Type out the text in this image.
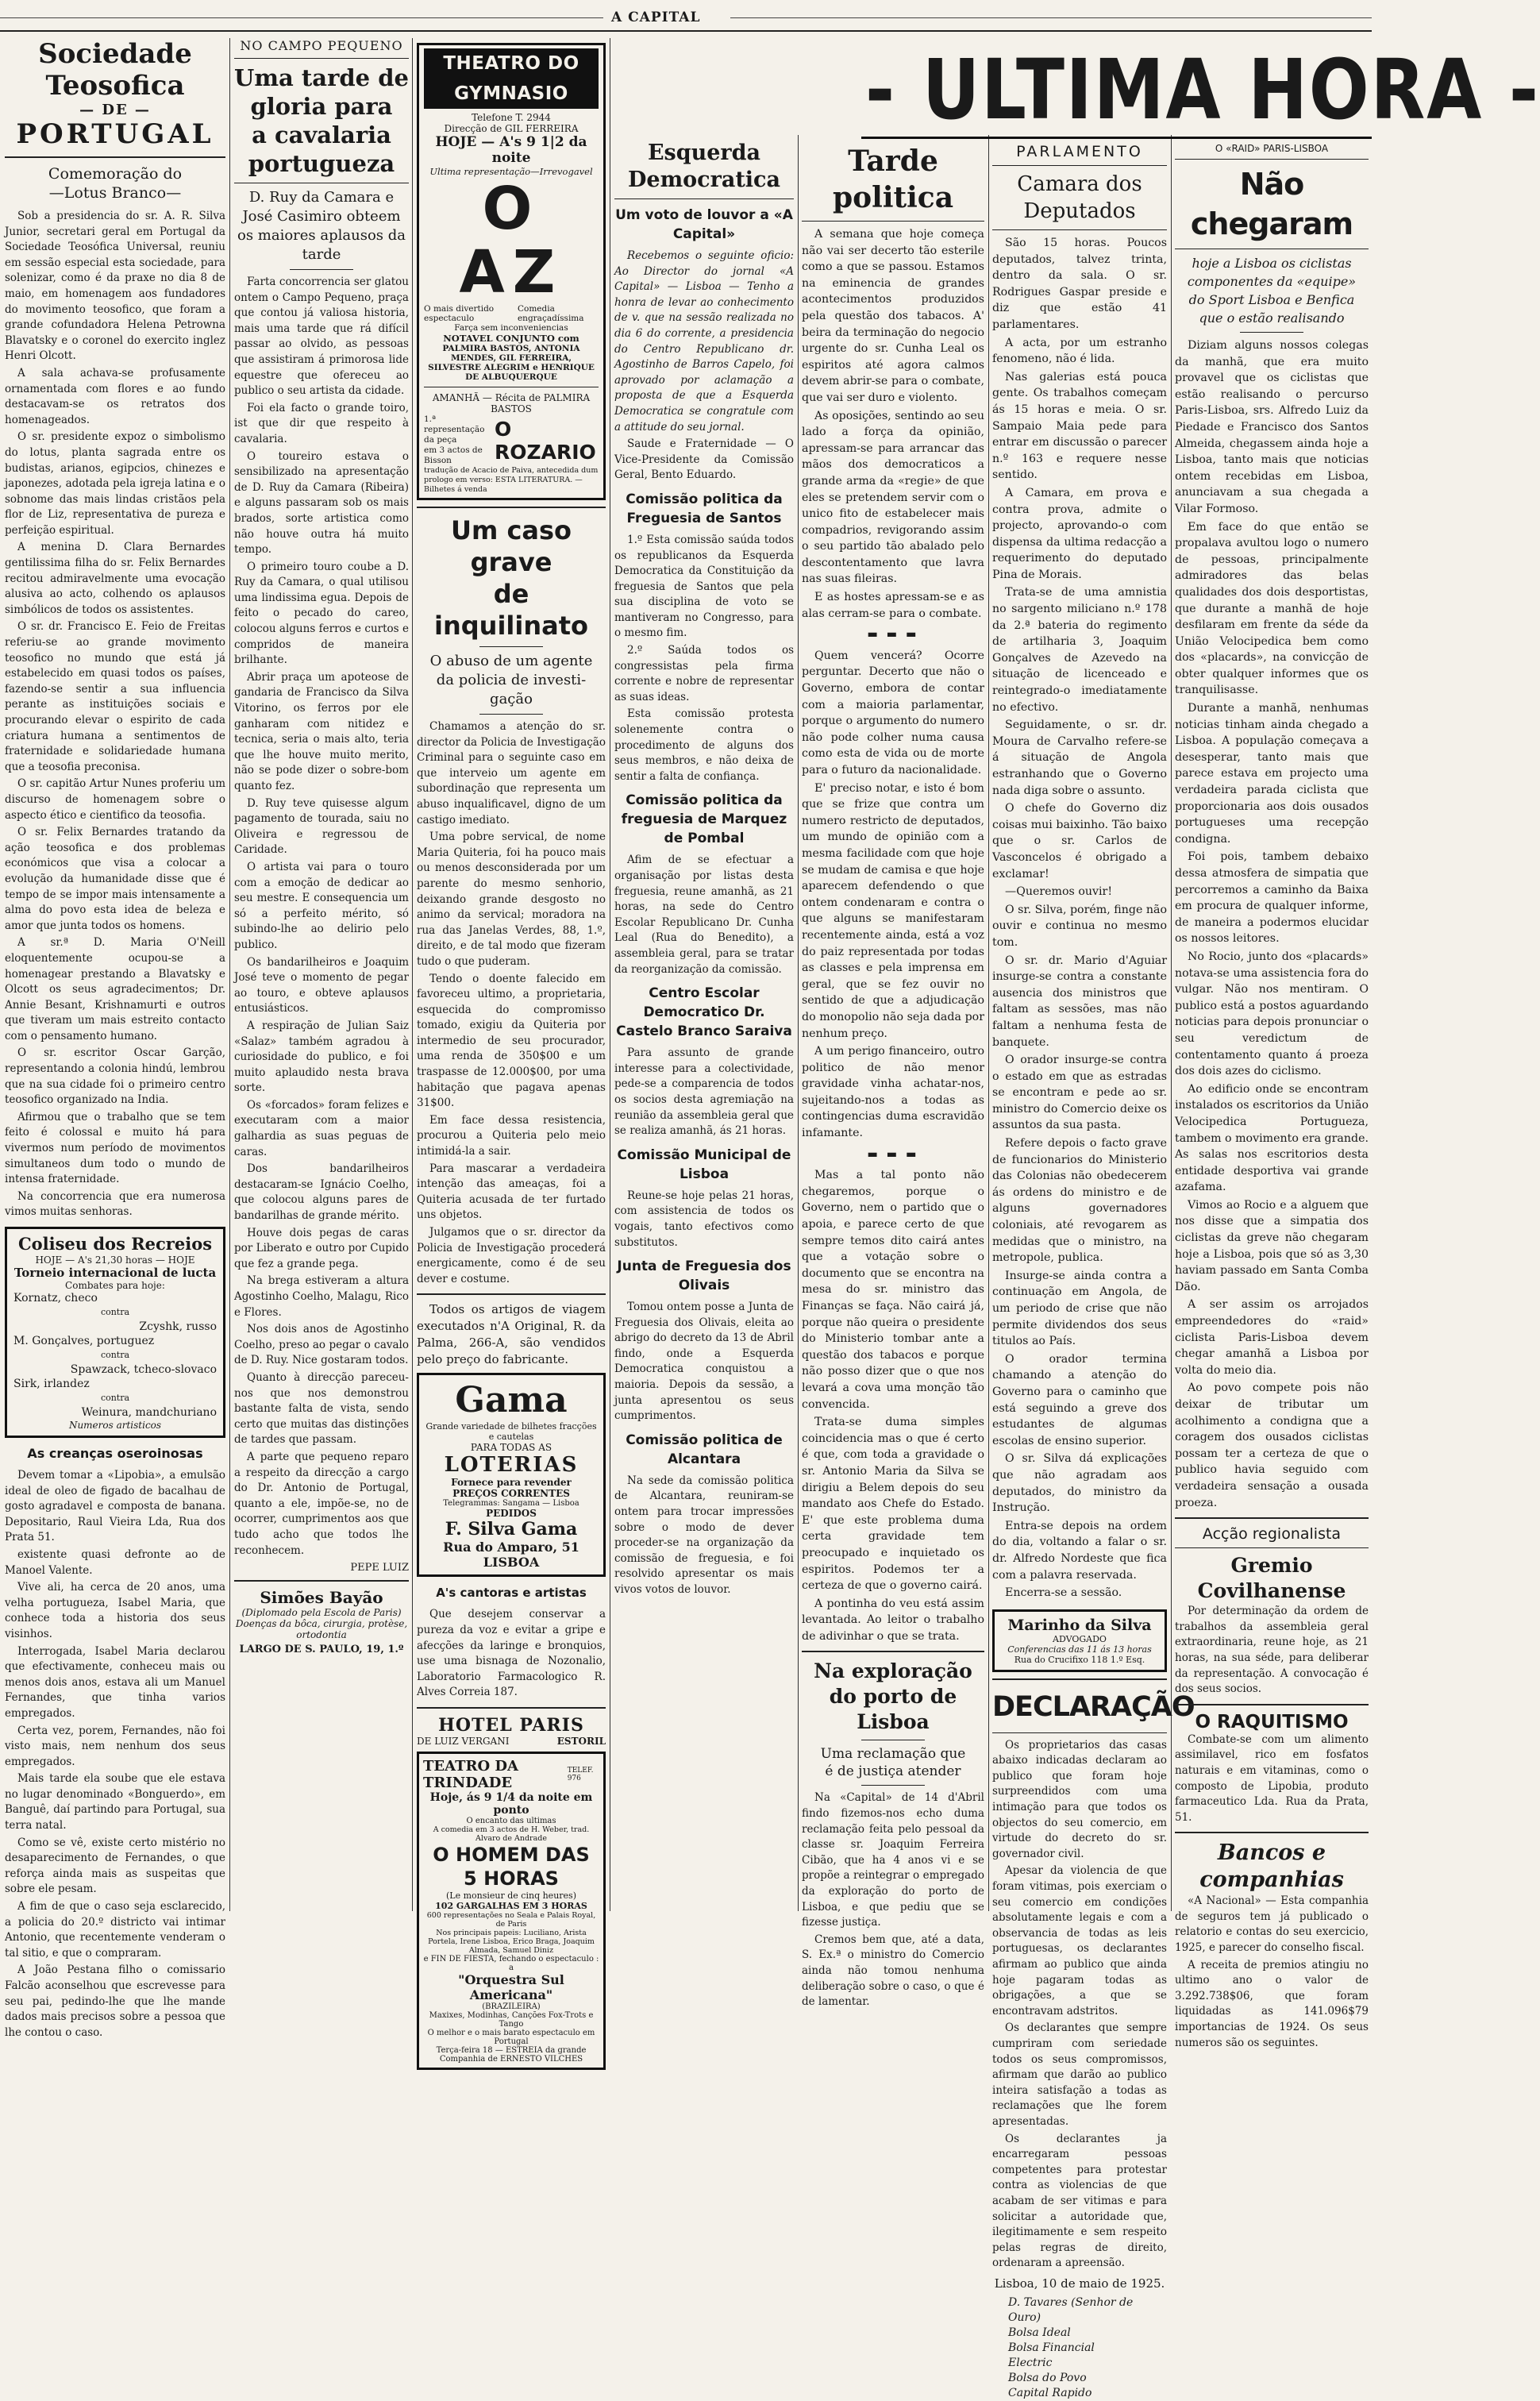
A CAPITAL
- ULTIMA HORA -
Sociedade Teosofica
— DE —
PORTUGAL
Comemoração do
—Lotus Branco—

Sob a presidencia do sr. A. R. Silva Junior, secretari geral em Portugal da Sociedade Teosófica Universal, reuniu em sessão especial esta sociedade, para solenizar, como é da praxe no dia 8 de maio, em homenagem aos fundadores do movimento teosofico, que foram a grande cofundadora Helena Petrowna Blavatsky e o coronel do exercito inglez Henri Olcott.

A sala achava-se profusamente ornamentada com flores e ao fundo destacavam-se os retratos dos homenageados.

O sr. presidente expoz o simbolismo do lotus, planta sagrada entre os budistas, arianos, egipcios, chinezes e japonezes, adotada pela igreja latina e o sobnome das mais lindas cristãos pela flor de Liz, representativa de pureza e perfeição espiritual.

A menina D. Clara Bernardes gentilissima filha do sr. Felix Bernardes recitou admiravelmente uma evocação alusiva ao acto, colhendo os aplausos simbólicos de todos os assistentes.

O sr. dr. Francisco E. Feio de Freitas referiu-se ao grande movimento teosofico no mundo que está já estabelecido em quasi todos os países, fazendo-se sentir a sua influencia perante as instituições sociais e procurando elevar o espirito de cada criatura humana a sentimentos de fraternidade e solidariedade humana que a teosofia preconisa.

O sr. capitão Artur Nunes proferiu um discurso de homenagem sobre o aspecto ético e cientifico da teosofia.

O sr. Felix Bernardes tratando da ação teosofica e dos problemas económicos que visa a colocar a evolução da humanidade disse que é tempo de se impor mais intensamente a alma do povo esta idea de beleza e amor que junta todos os homens.

A sr.ª D. Maria O'Neill eloquentemente ocupou-se a homenagear prestando a Blavatsky e Olcott os seus agradecimentos; Dr. Annie Besant, Krishnamurti e outros que tiveram um mais estreito contacto com o pensamento humano.

O sr. escritor Oscar Garção, representando a colonia hindú, lembrou que na sua cidade foi o primeiro centro teosofico organizado na India.

Afirmou que o trabalho que se tem feito é colossal e muito há para vivermos num período de movimentos simultaneos dum todo o mundo de intensa fraternidade.

Na concorrencia que era numerosa vimos muitas senhoras.

Coliseu dos Recreios
HOJE — A's 21,30 horas — HOJE
Torneio internacional de lucta
Combates para hoje:
Kornatz, checo
contra
Zcyshk, russo
M. Gonçalves, portuguez
contra
Spawzack, tcheco-slovaco
Sirk, irlandez
contra
Weinura, mandchuriano
Numeros artisticos
As creanças oseroinosas

Devem tomar a «Lipobia», a emulsão ideal de oleo de figado de bacalhau de gosto agradavel e composta de banana. Depositario, Raul Vieira Lda, Rua dos Prata 51.

existente quasi defronte ao de Manoel Valente.

Vive ali, ha cerca de 20 anos, uma velha portugueza, Isabel Maria, que conhece toda a historia dos seus visinhos.

Interrogada, Isabel Maria declarou que efectivamente, conheceu mais ou menos dois anos, estava ali um Manuel Fernandes, que tinha varios empregados.

Certa vez, porem, Fernandes, não foi visto mais, nem nenhum dos seus empregados.

Mais tarde ela soube que ele estava no lugar denominado «Bonguerdo», em Banguê, daí partindo para Portugal, sua terra natal.

Como se vê, existe certo mistério no desaparecimento de Fernandes, o que reforça ainda mais as suspeitas que sobre ele pesam.

A fim de que o caso seja esclarecido, a policia do 20.º districto vai intimar Antonio, que recentemente venderam o tal sitio, e que o compraram.

A João Pestana filho o comissario Falcão aconselhou que escrevesse para seu pai, pedindo-lhe que lhe mande dados mais precisos sobre a pessoa que lhe contou o caso.

NO CAMPO PEQUENO
Uma tarde de gloria para
a cavalaria portugueza
D. Ruy da Camara e
José Casimiro obteem
os maiores aplausos da
tarde

Farta concorrencia ser glatou ontem o Campo Pequeno, praça que contou já valiosa historia, mais uma tarde que rá difícil passar ao olvido, as pessoas que assistiram á primorosa lide equestre que ofereceu ao publico o seu artista da cidade.

Foi ela facto o grande toiro, ist que dir que respeito à cavalaria.

O toureiro estava o sensibilizado na apresentação de D. Ruy da Camara (Ribeira) e alguns passaram sob os mais brados, sorte artistica como não houve outra há muito tempo.

O primeiro touro coube a D. Ruy da Camara, o qual utilisou uma lindissima egua. Depois de feito o pecado do careo, colocou alguns ferros e curtos e compridos de maneira brilhante.

Abrir praça um apoteose de gandaria de Francisco da Silva Vitorino, os ferros por ele ganharam com nitidez e tecnica, seria o mais alto, teria que lhe houve muito merito, não se pode dizer o sobre-bom quanto fez.

D. Ruy teve quisesse algum pagamento de tourada, saiu no Oliveira e regressou de Caridade.

O artista vai para o touro com a emoção de dedicar ao seu mestre. E consequencia um só a perfeito mérito, só subindo-lhe ao delirio pelo publico.

Os bandarilheiros e Joaquim José teve o momento de pegar ao touro, e obteve aplausos entusiásticos.

A respiração de Julian Saiz «Salaz» também agradou à curiosidade do publico, e foi muito aplaudido nesta brava sorte.

Os «forcados» foram felizes e executaram com a maior galhardia as suas peguas de caras.

Dos bandarilheiros destacaram-se Ignácio Coelho, que colocou alguns pares de bandarilhas de grande mérito.

Houve dois pegas de caras por Liberato e outro por Cupido que fez a grande pega.

Na brega estiveram a altura Agostinho Coelho, Malagu, Rico e Flores.

Nos dois anos de Agostinho Coelho, preso ao pegar o cavalo de D. Ruy. Nice gostaram todos.

Quanto à direcção pareceu-nos que nos demonstrou bastante falta de vista, sendo certo que muitas das distinções de tardes que passam.

A parte que pequeno reparo a respeito da direcção a cargo do Dr. Antonio de Portugal, quanto a ele, impõe-se, no de ocorrer, cumprimentos aos que tudo acho que todos lhe reconhecem.

PEPE LUIZ
Simões Bayão
(Diplomado pela Escola de Paris)
Doenças da bôca, cirurgia, protèse, ortodontia
LARGO DE S. PAULO, 19, 1.º
THEATRO DO GYMNASIO
Telefone T. 2944
Direcção de GIL FERREIRA
HOJE — A's 9 1|2 da noite
Ultima representação—Irrevogavel
O AZ
O mais divertido espectaculo
Comedia engraçadíssima
Farça sem inconveniencias
NOTAVEL CONJUNTO com
PALMIRA BASTOS, ANTONIA MENDES, GIL FERREIRA,
SILVESTRE ALEGRIM e HENRIQUE DE ALBUQUERQUE
AMANHÃ — Récita de PALMIRA BASTOS
1.ª representação da peça
em 3 actos de Bisson
O ROZARIO
tradução de Acacio de Paiva, antecedida dum prologo em verso: ESTA LITERATURA. — Bilhetes á venda
Um caso grave
de inquilinato
O abuso de um agente
da policia de investi-
gação

Chamamos a atenção do sr. director da Policia de Investigação Criminal para o seguinte caso em que interveio um agente em subordinação que representa um abuso inqualificavel, digno de um castigo imediato.

Uma pobre servical, de nome Maria Quiteria, foi ha pouco mais ou menos desconsiderada por um parente do mesmo senhorio, deixando grande desgosto no animo da servical; moradora na rua das Janelas Verdes, 88, 1.º, direito, e de tal modo que fizeram tudo o que puderam.

Tendo o doente falecido em favoreceu ultimo, a proprietaria, esquecida do compromisso tomado, exigiu da Quiteria por intermedio de seu procurador, uma renda de 350$00 e um traspasse de 12.000$00, por uma habitação que pagava apenas 31$00.

Em face dessa resistencia, procurou a Quiteria pelo meio intimidá-la a sair.

Para mascarar a verdadeira intenção das ameaças, foi a Quiteria acusada de ter furtado uns objetos.

Julgamos que o sr. director da Policia de Investigação procederá energicamente, como é de seu dever e costume.

Todos os artigos de viagem executados n'A Original, R. da Palma, 266-A, são vendidos pelo preço do fabricante.

Gama
Grande variedade de bilhetes fracções e cautelas
PARA TODAS AS
LOTERIAS
Fornece para revender
PREÇOS CORRENTES
Telegrammas: Sangama — Lisboa
PEDIDOS
F. Silva Gama
Rua do Amparo, 51
LISBOA
A's cantoras e artistas

Que desejem conservar a pureza da voz e evitar a gripe e afecções da laringe e bronquios, use uma bisnaga de Nozonalio, Laboratorio Farmacologico R. Alves Correia 187.

HOTEL PARIS
DE LUIZ VERGANI	ESTORIL
TEATRO DA TRINDADE
TELEF. 976
Hoje, ás 9 1/4 da noite em ponto
O encanto das ultimas
A comedia em 3 actos de H. Weber, trad. Alvaro de Andrade
O HOMEM DAS 5 HORAS
(Le monsieur de cinq heures)
102 GARGALHAS EM 3 HORAS
600 representações no Seala e Palais Royal, de Paris
Nos principais papeis: Luciliano, Arista Portela, Irene Lisboa, Erico Braga, Joaquim Almada, Samuel Diniz
e FIN DE FIESTA, fechando o espectaculo : a
"Orquestra Sul Americana"
(BRAZILEIRA)
Maxixes, Modinhas, Canções Fox-Trots e Tango
O melhor e o mais barato espectaculo em Portugal
Terça-feira 18 — ESTREIA da grande Companhia de ERNESTO VILCHES
Esquerda Democratica
Um voto de louvor a «A Capital»

Recebemos o seguinte oficio: Ao Director do jornal «A Capital» — Lisboa — Tenho a honra de levar ao conhecimento de v. que na sessão realizada no dia 6 do corrente, a presidencia do Centro Republicano dr. Agostinho de Barros Capelo, foi aprovado por aclamação a proposta de que a Esquerda Democratica se congratule com a attitude do seu jornal.

Saude e Fraternidade — O Vice-Presidente da Comissão Geral, Bento Eduardo.

Comissão politica da Freguesia de Santos

1.º Esta comissão saúda todos os republicanos da Esquerda Democratica da Constituição da freguesia de Santos que pela sua disciplina de voto se mantiveram no Congresso, para o mesmo fim.

2.º Saúda todos os congressistas pela firma corrente e nobre de representar as suas ideas.

Esta comissão protesta solenemente contra o procedimento de alguns dos seus membros, e não deixa de sentir a falta de confiança.

Comissão politica da freguesia de Marquez de Pombal

Afim de se efectuar a organisação por listas desta freguesia, reune amanhã, as 21 horas, na sede do Centro Escolar Republicano Dr. Cunha Leal (Rua do Benedito), a assembleia geral, para se tratar da reorganização da comissão.

Centro Escolar Democratico Dr. Castelo Branco Saraiva

Para assunto de grande interesse para a colectividade, pede-se a comparencia de todos os socios desta agremiação na reunião da assembleia geral que se realiza amanhã, ás 21 horas.

Comissão Municipal de Lisboa

Reune-se hoje pelas 21 horas, com assistencia de todos os vogais, tanto efectivos como substitutos.

Junta de Freguesia dos Olivais

Tomou ontem posse a Junta de Freguesia dos Olivais, eleita ao abrigo do decreto da 13 de Abril findo, onde a Esquerda Democratica conquistou a maioria. Depois da sessão, a junta apresentou os seus cumprimentos.

Comissão politica de Alcantara

Na sede da comissão politica de Alcantara, reuniram-se ontem para trocar impressões sobre o modo de dever proceder-se na organização da comissão de freguesia, e foi resolvido apresentar os mais vivos votos de louvor.

Tarde politica

A semana que hoje começa não vai ser decerto tão esterile como a que se passou. Estamos na eminencia de grandes acontecimentos produzidos pela questão dos tabacos. A' beira da terminação do negocio urgente do sr. Cunha Leal os espiritos até agora calmos devem abrir-se para o combate, que vai ser duro e violento.

As oposições, sentindo ao seu lado a força da opinião, apressam-se para arrancar das mãos dos democraticos a grande arma da «regie» de que eles se pretendem servir com o unico fito de estabelecer mais compadrios, revigorando assim o seu partido tão abalado pelo descontentamento que lavra nas suas fileiras.

E as hostes apressam-se e as alas cerram-se para o combate.

▬ ▬ ▬

Quem vencerá? Ocorre perguntar. Decerto que não o Governo, embora de contar com a maioria parlamentar, porque o argumento do numero não pode colher numa causa como esta de vida ou de morte para o futuro da nacionalidade.

E' preciso notar, e isto é bom que se frize que contra um numero restricto de deputados, um mundo de opinião com a mesma facilidade com que hoje se mudam de camisa e que hoje aparecem defendendo o que ontem condenaram e contra o que alguns se manifestaram recentemente ainda, está a voz do paiz representada por todas as classes e pela imprensa em geral, que se fez ouvir no sentido de que a adjudicação do monopolio não seja dada por nenhum preço.

A um perigo financeiro, outro politico de não menor gravidade vinha achatar-nos, sujeitando-nos a todas as contingencias duma escravidão infamante.

▬ ▬ ▬

Mas a tal ponto não chegaremos, porque o Governo, nem o partido que o apoia, e parece certo de que sempre temos dito cairá antes que a votação sobre o documento que se encontra na mesa do sr. ministro das Finanças se faça. Não cairá já, porque não queira o presidente do Ministerio tombar ante a questão dos tabacos e porque não posso dizer que o que nos levará a cova uma monção tão convencida.

Trata-se duma simples coincidencia mas o que é certo é que, com toda a gravidade o sr. Antonio Maria da Silva se dirigiu a Belem depois do seu mandato aos Chefe do Estado. E' que este problema duma certa gravidade tem preocupado e inquietado os espiritos. Podemos ter a certeza de que o governo cairá.

A pontinha do veu está assim levantada. Ao leitor o trabalho de adivinhar o que se trata.

Na exploração do porto de Lisboa
Uma reclamação que
é de justiça atender

Na «Capital» de 14 d'Abril findo fizemos-nos echo duma reclamação feita pelo pessoal da classe sr. Joaquim Ferreira Cibão, que ha 4 anos vi e se propõe a reintegrar o empregado da exploração do porto de Lisboa, e que pediu que se fizesse justiça.

Cremos bem que, até a data, S. Ex.ª o ministro do Comercio ainda não tomou nenhuma deliberação sobre o caso, o que é de lamentar.

PARLAMENTO
Camara dos Deputados

São 15 horas. Poucos deputados, talvez trinta, dentro da sala. O sr. Rodrigues Gaspar preside e diz que estão 41 parlamentares.

A acta, por um estranho fenomeno, não é lida.

Nas galerias está pouca gente. Os trabalhos começam ás 15 horas e meia. O sr. Sampaio Maia pede para entrar em discussão o parecer n.º 163 e requere nesse sentido.

A Camara, em prova e contra prova, admite o projecto, aprovando-o com dispensa da ultima redacção a requerimento do deputado Pina de Morais.

Trata-se de uma amnistia no sargento miliciano n.º 178 da 2.ª bateria do regimento de artilharia 3, Joaquim Gonçalves de Azevedo na situação de licenceado e reintegrado-o imediatamente no efectivo.

Seguidamente, o sr. dr. Moura de Carvalho refere-se á situação de Angola estranhando que o Governo nada diga sobre o assunto.

O chefe do Governo diz coisas mui baixinho. Tão baixo que o sr. Carlos de Vasconcelos é obrigado a exclamar!

—Queremos ouvir!

O sr. Silva, porém, finge não ouvir e continua no mesmo tom.

O sr. dr. Mario d'Aguiar insurge-se contra a constante ausencia dos ministros que faltam as sessões, mas não faltam a nenhuma festa de banquete.

O orador insurge-se contra o estado em que as estradas se encontram e pede ao sr. ministro do Comercio deixe os assuntos da sua pasta.

Refere depois o facto grave de funcionarios do Ministerio das Colonias não obedecerem ás ordens do ministro e de alguns governadores coloniais, até revogarem as medidas que o ministro, na metropole, publica.

Insurge-se ainda contra a continuação em Angola, de um periodo de crise que não permite dividendos dos seus titulos ao País.

O orador termina chamando a atenção do Governo para o caminho que está seguindo a greve dos estudantes de algumas escolas de ensino superior.

O sr. Silva dá explicações que não agradam aos deputados, do ministro da Instrução.

Entra-se depois na ordem do dia, voltando a falar o sr. dr. Alfredo Nordeste que fica com a palavra reservada.

Encerra-se a sessão.

Marinho da Silva
ADVOGADO
Conferencias das 11 ás 13 horas
Rua do Crucifixo 118 1.º Esq.
DECLARAÇÃO

Os proprietarios das casas abaixo indicadas declaram ao publico que foram hoje surpreendidos com uma intimação para que todos os objectos do seu comercio, em virtude do decreto do sr. governador civil.

Apesar da violencia de que foram vitimas, pois exerciam o seu comercio em condições absolutamente legais e com a observancia de todas as leis portuguesas, os declarantes afirmam ao publico que ainda hoje pagaram todas as obrigações, a que se encontravam adstritos.

Os declarantes que sempre cumpriram com seriedade todos os seus compromissos, afirmam que darão ao publico inteira satisfação a todas as reclamações que lhe forem apresentadas.

Os declarantes ja encarregaram pessoas competentes para protestar contra as violencias de que acabam de ser vitimas e para solicitar a autoridade que, ilegitimamente e sem respeito pelas regras de direito, ordenaram a apreensão.

Lisboa, 10 de maio de 1925.
D. Tavares (Senhor de Ouro)
Bolsa Ideal
Bolsa Financial
Electric
Bolsa do Povo
Capital Rapido
O «RAID» PARIS-LISBOA
Não chegaram
hoje a Lisboa os ciclistas componentes da «equipe» do Sport Lisboa e Benfica que o estão realisando

Diziam alguns nossos colegas da manhã, que era muito provavel que os ciclistas que estão realisando o percurso Paris-Lisboa, srs. Alfredo Luiz da Piedade e Francisco dos Santos Almeida, chegassem ainda hoje a Lisboa, tanto mais que noticias ontem recebidas em Lisboa, anunciavam a sua chegada a Vilar Formoso.

Em face do que então se propalava avultou logo o numero de pessoas, principalmente admiradores das belas qualidades dos dois desportistas, que durante a manhã de hoje desfilaram em frente da séde da União Velocipedica bem como dos «placards», na convicção de obter qualquer informes que os tranquilisasse.

Durante a manhã, nenhumas noticias tinham ainda chegado a Lisboa. A população começava a desesperar, tanto mais que parece estava em projecto uma verdadeira parada ciclista que proporcionaria aos dois ousados portugueses uma recepção condigna.

Foi pois, tambem debaixo dessa atmosfera de simpatia que percorremos a caminho da Baixa em procura de qualquer informe, de maneira a podermos elucidar os nossos leitores.

No Rocio, junto dos «placards» notava-se uma assistencia fora do vulgar. Não nos mentiram. O publico está a postos aguardando noticias para depois pronunciar o seu veredictum de contentamento quanto á proeza dos dois azes do ciclismo.

Ao edificio onde se encontram instalados os escritorios da União Velocipedica Portugueza, tambem o movimento era grande. As salas nos escritorios desta entidade desportiva vai grande azafama.

Vimos ao Rocio e a alguem que nos disse que a simpatia dos ciclistas da greve não chegaram hoje a Lisboa, pois que só as 3,30 haviam passado em Santa Comba Dão.

A ser assim os arrojados empreendedores do «raid» ciclista Paris-Lisboa devem chegar amanhã a Lisboa por volta do meio dia.

Ao povo compete pois não deixar de tributar um acolhimento a condigna que a coragem dos ousados ciclistas possam ter a certeza de que o publico havia seguido com verdadeira sensação a ousada proeza.

Acção regionalista
Gremio Covilhanense

Por determinação da ordem de trabalhos da assembleia geral extraordinaria, reune hoje, as 21 horas, na sua séde, para deliberar da representação. A convocação é dos seus socios.

O RAQUITISMO

Combate-se com um alimento assimilavel, rico em fosfatos naturais e em vitaminas, como o composto de Lipobia, produto farmaceutico Lda. Rua da Prata, 51.

Bancos e companhias

«A Nacional» — Esta companhia de seguros tem já publicado o relatorio e contas do seu exercicio, 1925, e parecer do conselho fiscal.

A receita de premios atingiu no ultimo ano o valor de 3.292.738$06, que foram liquidadas as 141.096$79 importancias de 1924. Os seus numeros são os seguintes.
